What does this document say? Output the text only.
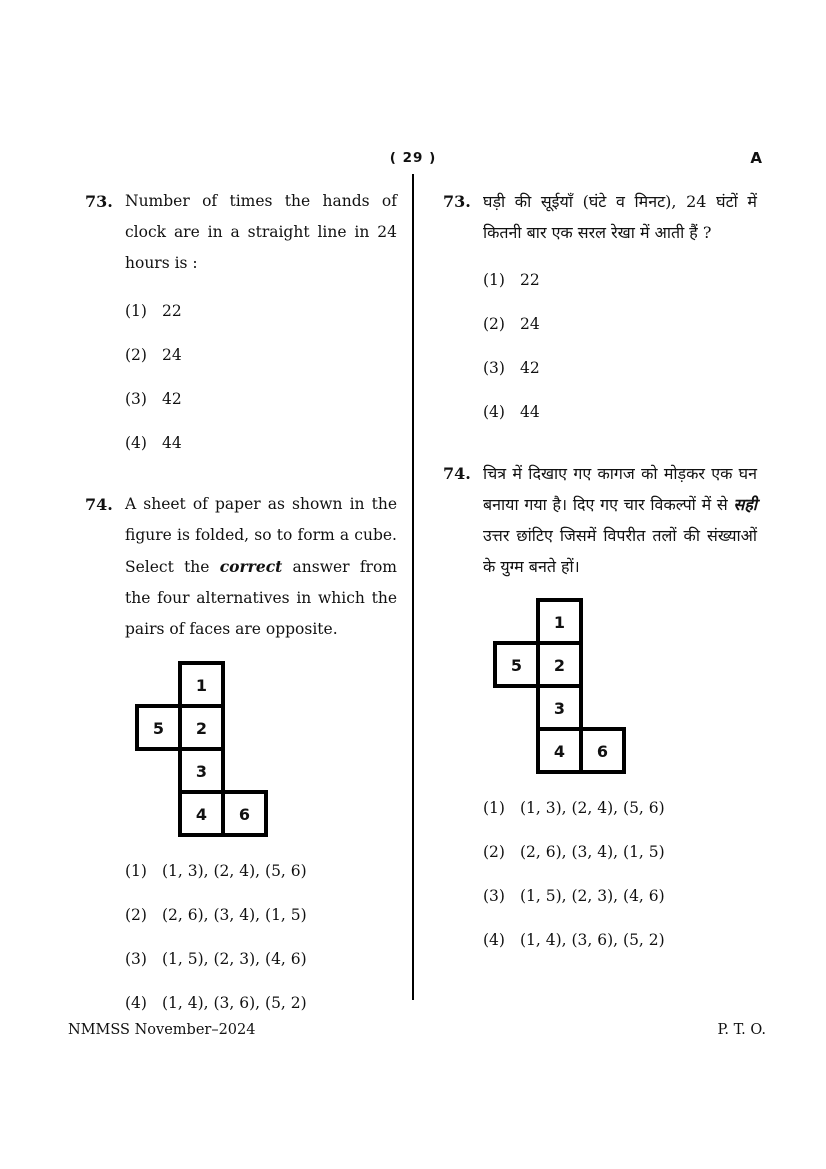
( 29 )	A
73. Number of times the hands of clock are in a straight line in 24 hours is :

(1) 22
(2) 24
(3) 42
(4) 44
74. A sheet of paper as shown in the figure is folded, so to form a cube. Select the correct answer from the four alternatives in which the pairs of faces are opposite.

1
5 2
3
4 6
(1) (1, 3), (2, 4), (5, 6)
(2) (2, 6), (3, 4), (1, 5)
(3) (1, 5), (2, 3), (4, 6)
(4) (1, 4), (3, 6), (5, 2)
73. घड़ी की सूईयाँ (घंटे व मिनट), 24 घंटों में कितनी बार एक सरल रेखा में आती हैं ?

(1) 22
(2) 24
(3) 42
(4) 44
74. चित्र में दिखाए गए कागज को मोड़कर एक घन बनाया गया है। दिए गए चार विकल्पों में से सही उत्तर छांटिए जिसमें विपरीत तलों की संख्याओं के युग्म बनते हों।

1
5 2
3
4 6
(1) (1, 3), (2, 4), (5, 6)
(2) (2, 6), (3, 4), (1, 5)
(3) (1, 5), (2, 3), (4, 6)
(4) (1, 4), (3, 6), (5, 2)
NMMSS November–2024	P. T. O.
